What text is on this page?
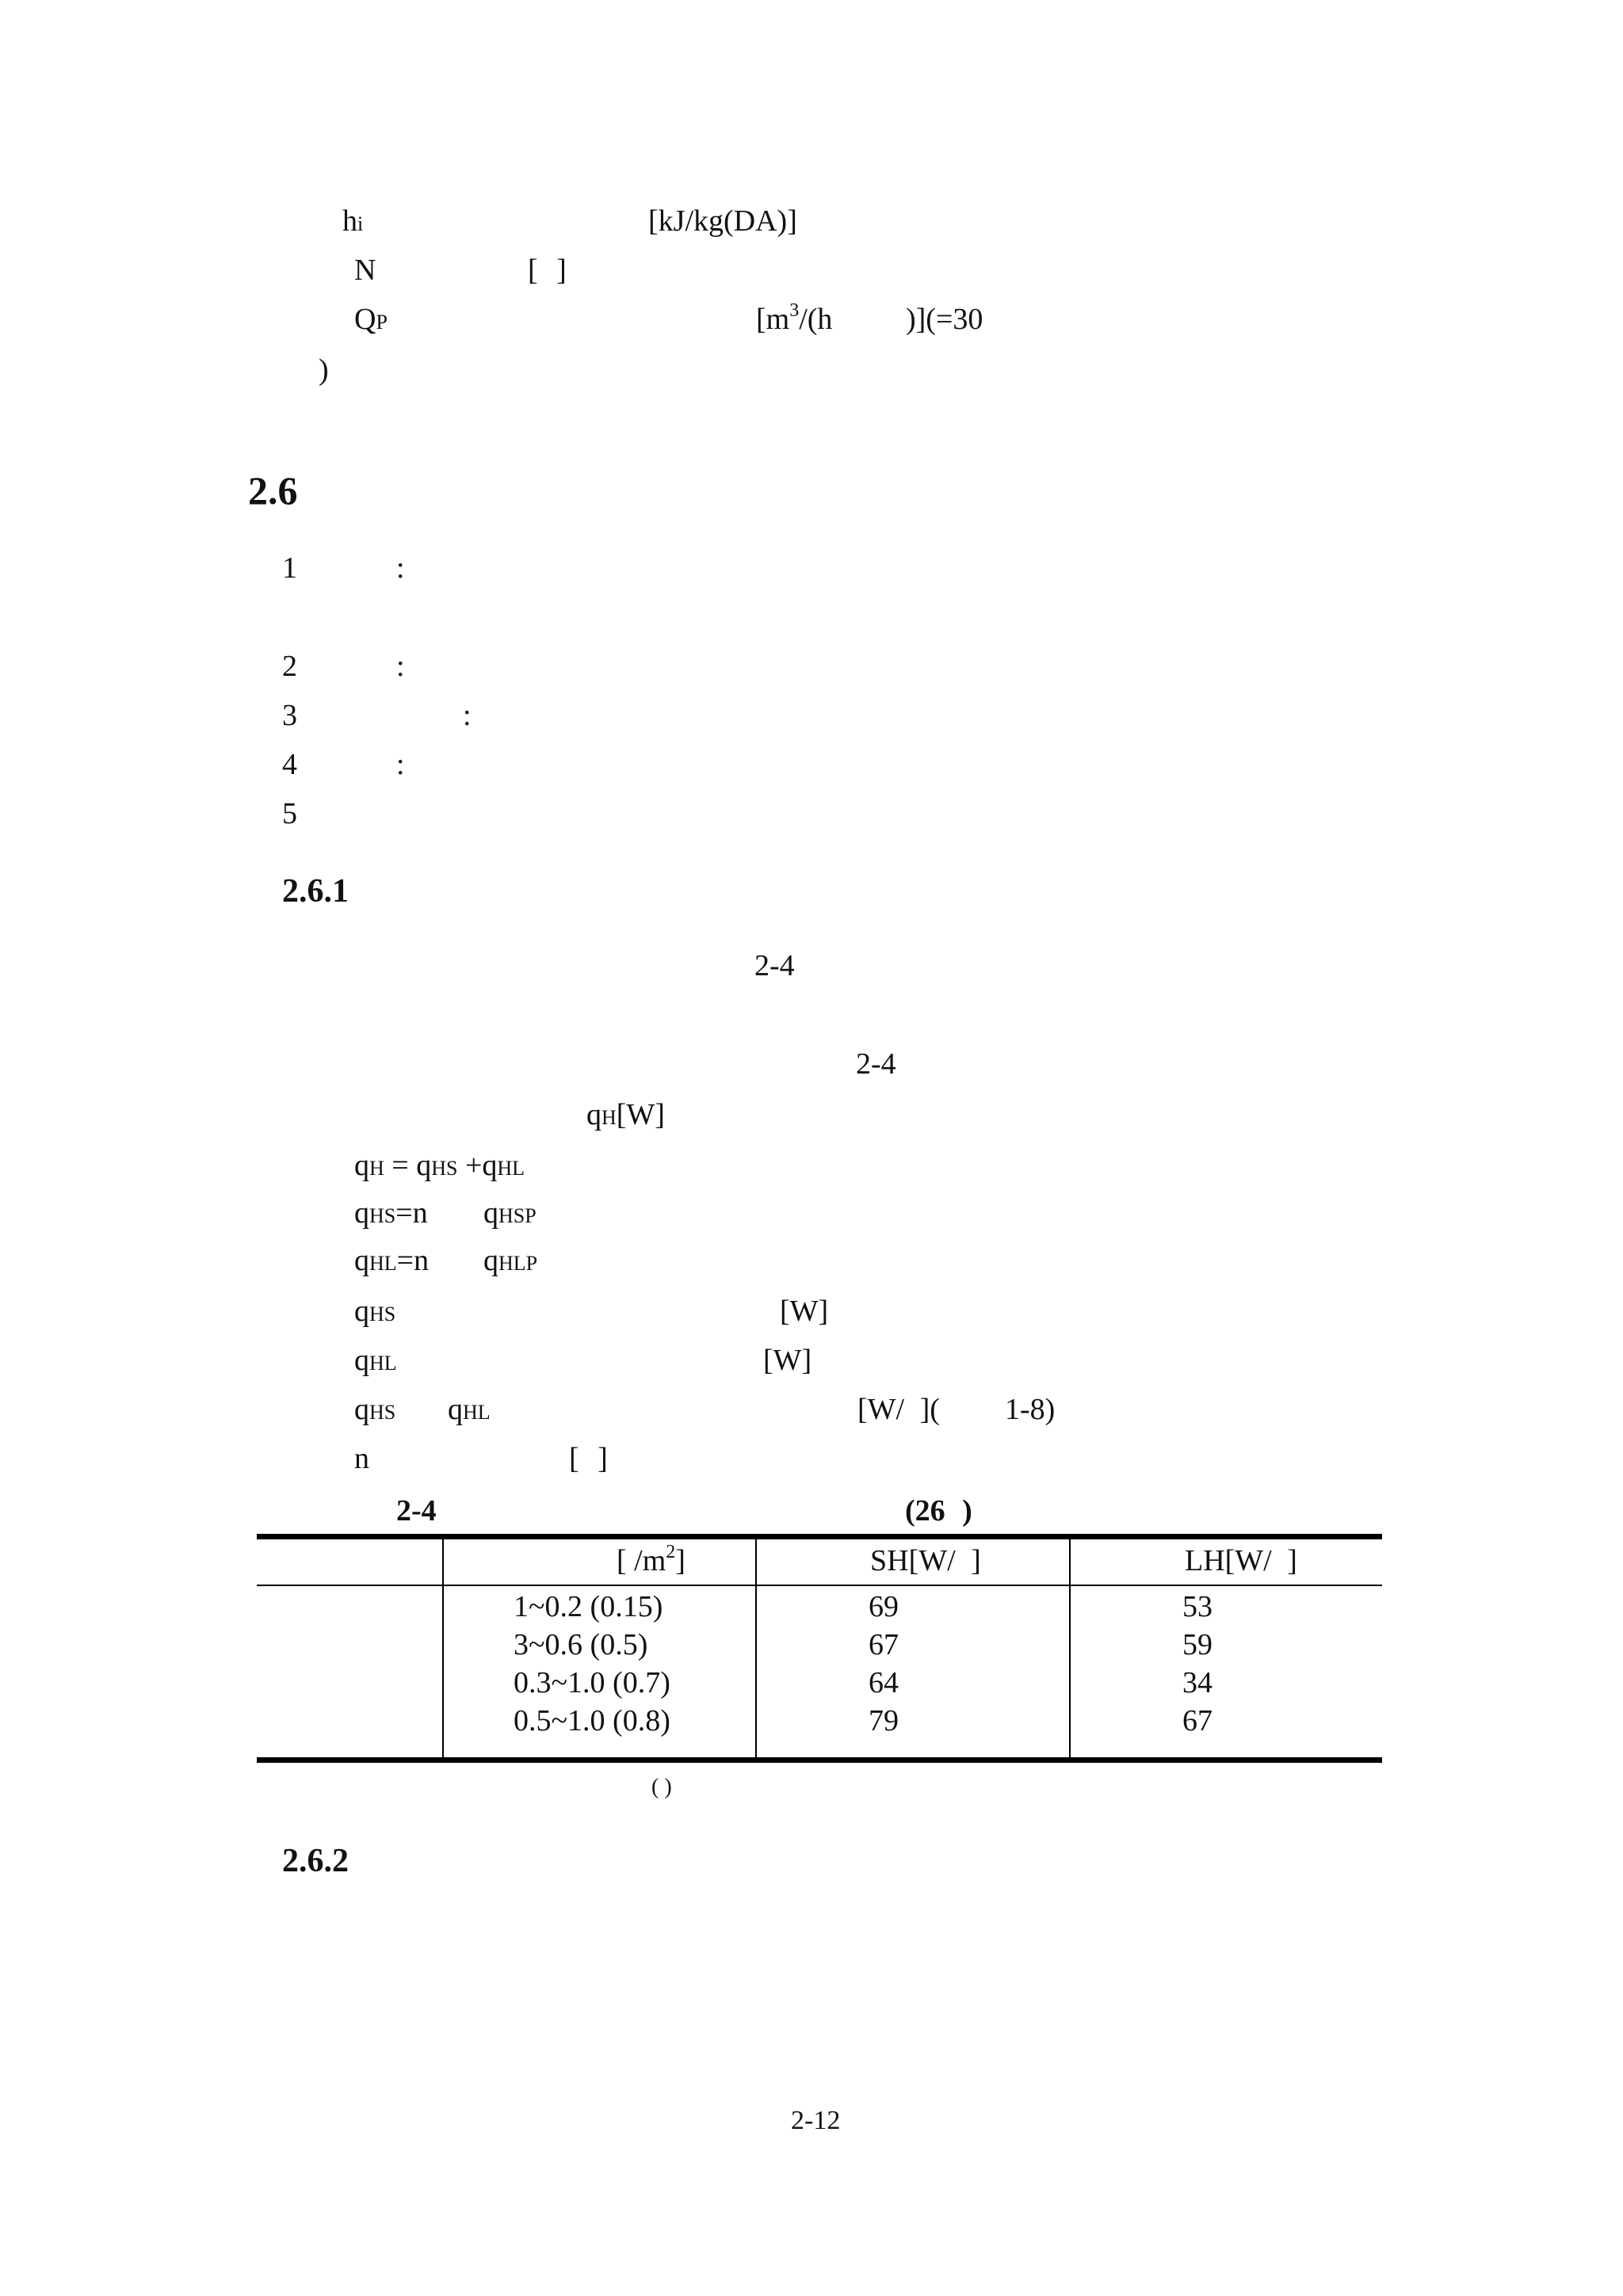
hi	[kJ/kg(DA)]
N	[ ]
QP	[$m^3/(h$ )](=30
)
2.6
1	:
2	:
3	:
4	:
5
2.6.1
2-4
2-4
qH[W]
qH = qHS +qHL
qHS=n qHSP
qHL=n qHLP
qHS	[W]
qHL	[W]
qHS qHL	[W/ ]( 1-8)
n	[ ]
2-4	(26 )
[ $/m^2$]	SH[W/ ]	LH[W/ ]
1~0.2 (0.15)	69	53
3~0.6 (0.5)	67	59
0.3~1.0 (0.7)	64	34
0.5~1.0 (0.8)	79	67
( )
2.6.2
2-12
